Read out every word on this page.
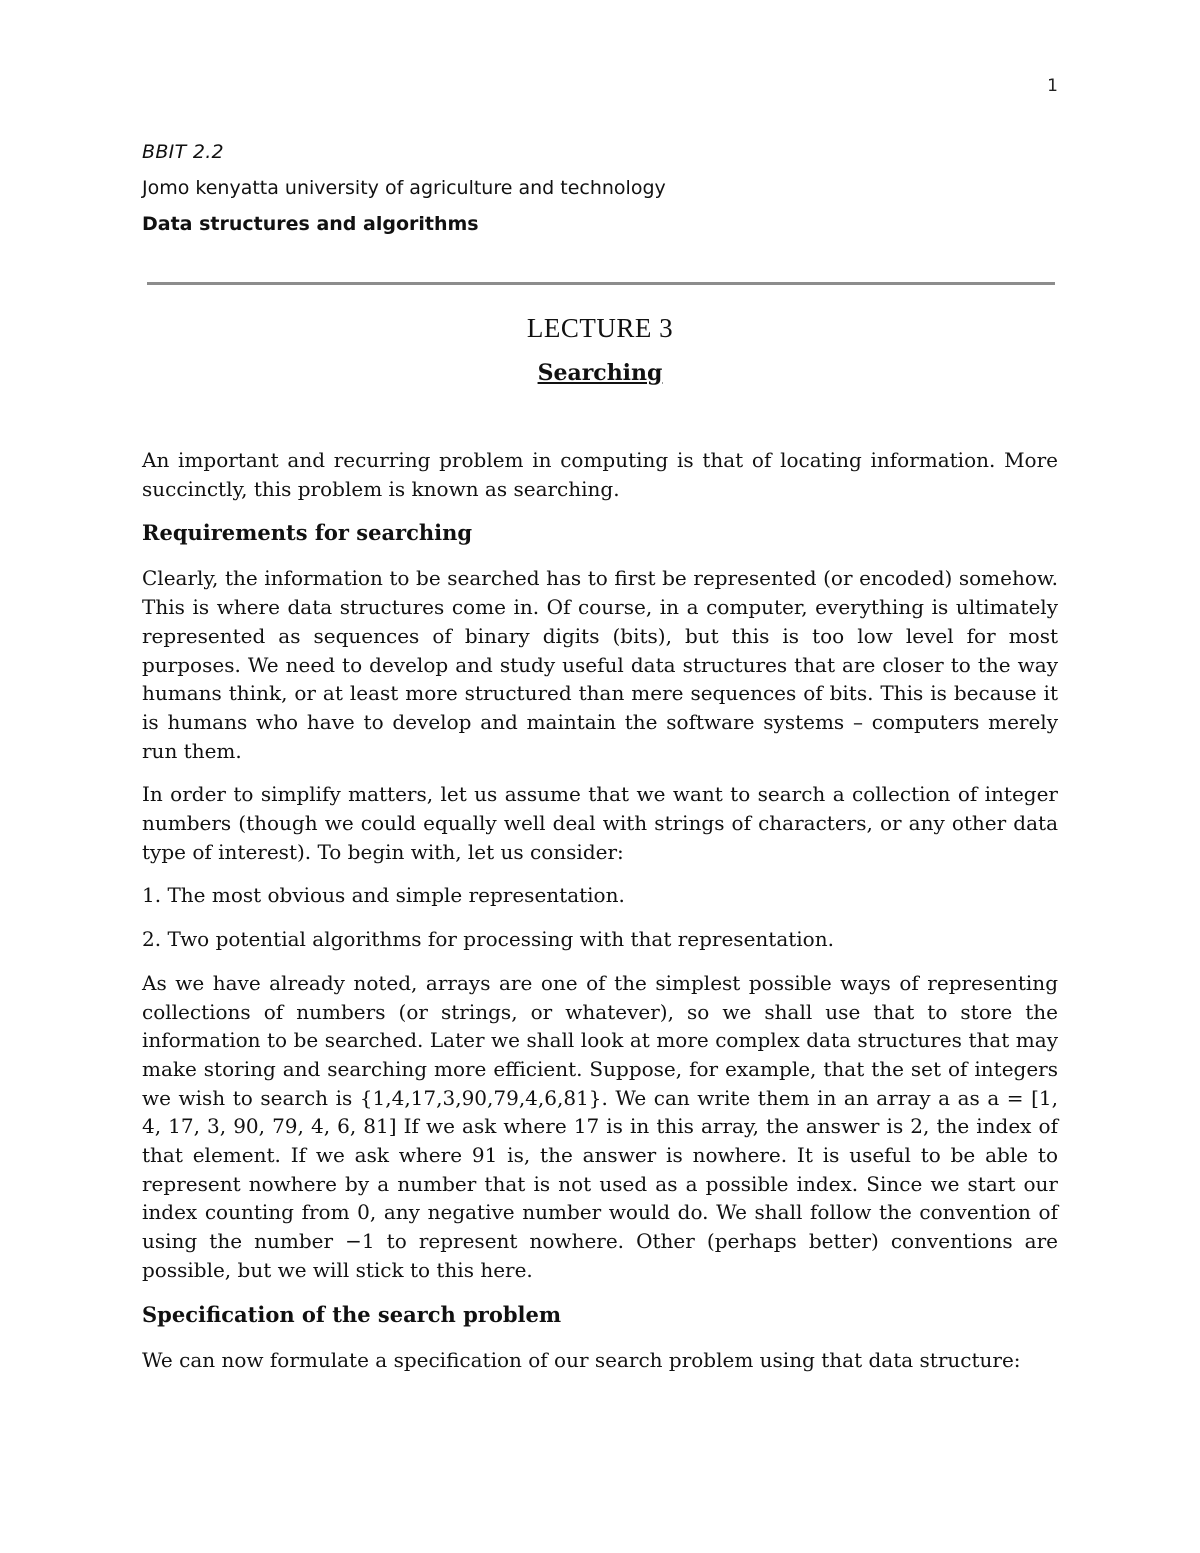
1

BBIT 2.2

Jomo kenyatta university of agriculture and technology

Data structures and algorithms

LECTURE 3
Searching

An important and recurring problem in computing is that of locating information. More succinctly, this problem is known as searching.

Requirements for searching

Clearly, the information to be searched has to first be represented (or encoded) somehow. This is where data structures come in. Of course, in a computer, everything is ultimately represented as sequences of binary digits (bits), but this is too low level for most purposes. We need to develop and study useful data structures that are closer to the way humans think, or at least more structured than mere sequences of bits. This is because it is humans who have to develop and maintain the software systems – computers merely run them.

In order to simplify matters, let us assume that we want to search a collection of integer numbers (though we could equally well deal with strings of characters, or any other data type of interest). To begin with, let us consider:

1. The most obvious and simple representation.
2. Two potential algorithms for processing with that representation.

As we have already noted, arrays are one of the simplest possible ways of representing collections of numbers (or strings, or whatever), so we shall use that to store the information to be searched. Later we shall look at more complex data structures that may make storing and searching more efficient. Suppose, for example, that the set of integers we wish to search is {1,4,17,3,90,79,4,6,81}. We can write them in an array a as a = [1, 4, 17, 3, 90, 79, 4, 6, 81] If we ask where 17 is in this array, the answer is 2, the index of that element. If we ask where 91 is, the answer is nowhere. It is useful to be able to represent nowhere by a number that is not used as a possible index. Since we start our index counting from 0, any negative number would do. We shall follow the convention of using the number −1 to represent nowhere. Other (perhaps better) conventions are possible, but we will stick to this here.

Specification of the search problem

We can now formulate a specification of our search problem using that data structure:
